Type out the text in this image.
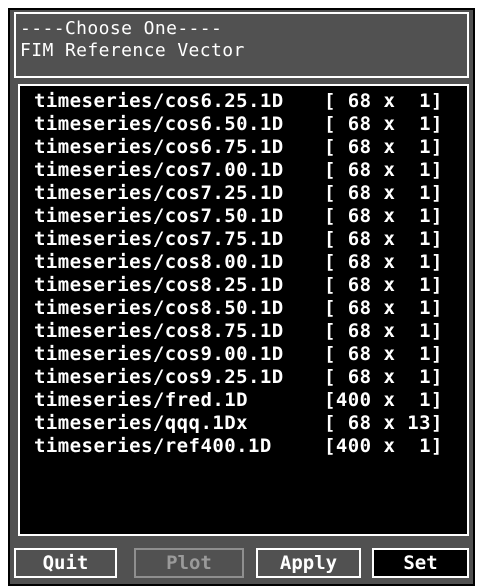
----Choose One----
FIM Reference Vector
timeseries/cos6.25.1D [ 68 x  1]
timeseries/cos6.50.1D [ 68 x  1]
timeseries/cos6.75.1D [ 68 x  1]
timeseries/cos7.00.1D [ 68 x  1]
timeseries/cos7.25.1D [ 68 x  1]
timeseries/cos7.50.1D [ 68 x  1]
timeseries/cos7.75.1D [ 68 x  1]
timeseries/cos8.00.1D [ 68 x  1]
timeseries/cos8.25.1D [ 68 x  1]
timeseries/cos8.50.1D [ 68 x  1]
timeseries/cos8.75.1D [ 68 x  1]
timeseries/cos9.00.1D [ 68 x  1]
timeseries/cos9.25.1D [ 68 x  1]
timeseries/fred.1D	[400 x  1]
timeseries/qqq.1Dx	[ 68 x 13]
timeseries/ref400.1D	[400 x  1]
Quit	Plot	Apply	Set
